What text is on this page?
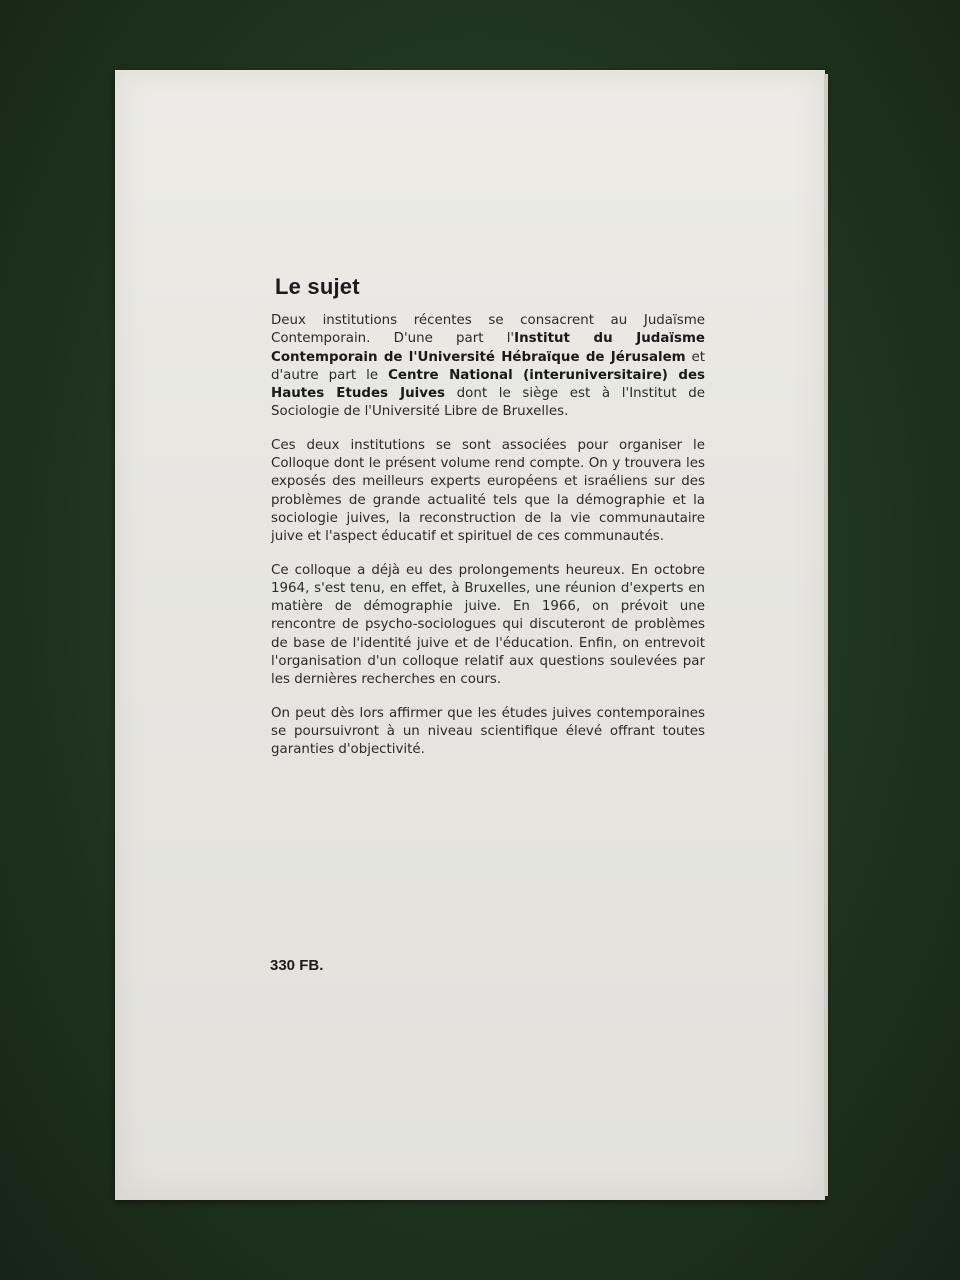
Le sujet

Deux institutions récentes se consacrent au Judaïsme Contemporain. D'une part l'Institut du Judaïsme Contemporain de l'Université Hébraïque de Jérusalem et d'autre part le Centre National (interuniversitaire) des Hautes Etudes Juives dont le siège est à l'Institut de Sociologie de l'Université Libre de Bruxelles.

Ces deux institutions se sont associées pour organiser le Colloque dont le présent volume rend compte. On y trouvera les exposés des meilleurs experts européens et israéliens sur des problèmes de grande actualité tels que la démographie et la sociologie juives, la reconstruction de la vie communautaire juive et l'aspect éducatif et spirituel de ces communautés.

Ce colloque a déjà eu des prolongements heureux. En octobre 1964, s'est tenu, en effet, à Bruxelles, une réunion d'experts en matière de démographie juive. En 1966, on prévoit une rencontre de psycho-sociologues qui discuteront de problèmes de base de l'identité juive et de l'éducation. Enfin, on entrevoit l'organisation d'un colloque relatif aux questions soulevées par les dernières recherches en cours.

On peut dès lors affirmer que les études juives contemporaines se poursuivront à un niveau scientifique élevé offrant toutes garanties d'objectivité.

330 FB.
